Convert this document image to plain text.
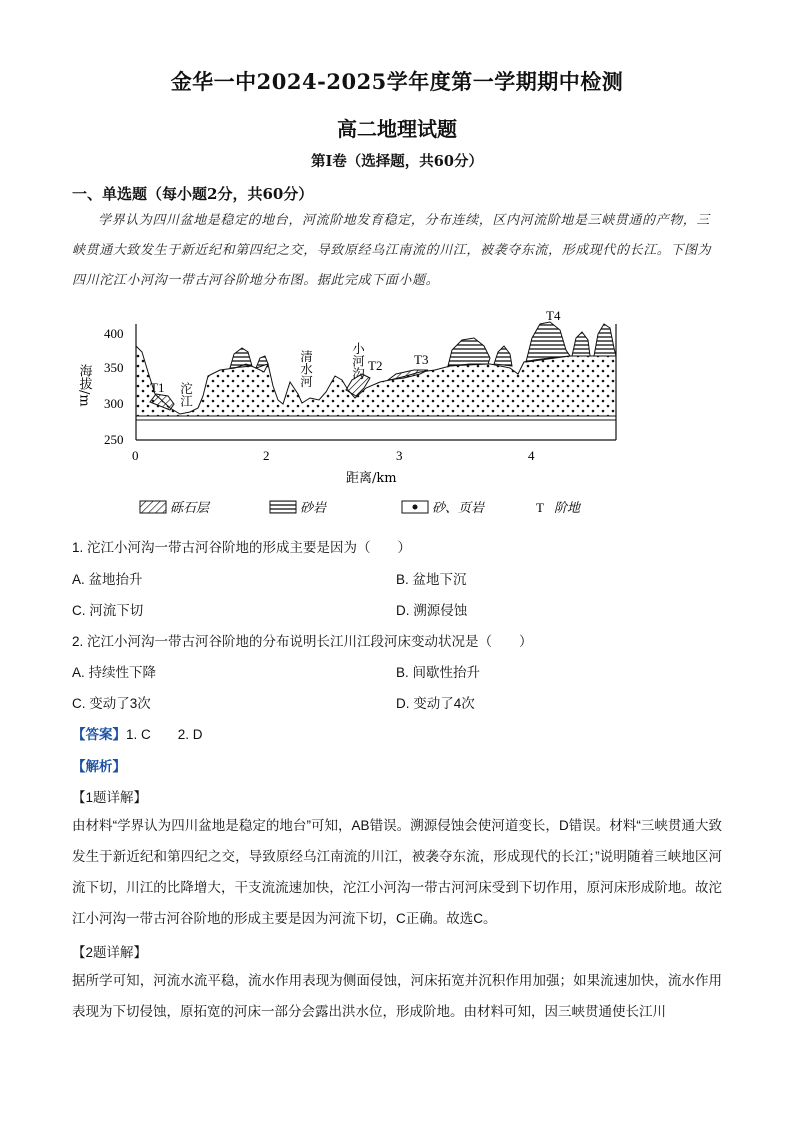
金华一中2024-2025学年度第一学期期中检测
高二地理试题
第Ⅰ卷（选择题，共60分）
一、单选题（每小题2分，共60分）
学界认为四川盆地是稳定的地台，河流阶地发育稳定，分布连续，区内河流阶地是三峡贯通的产物，三峡贯通大致发生于新近纪和第四纪之交，导致原经乌江南流的川江，被袭夺东流，形成现代的长江。下图为四川沱江小河沟一带古河谷阶地分布图。据此完成下面小题。
400
350
300
250
海拔/m
0	2	3	4
距离/km
T1
T2 T3
T4
沱江
清水河	小河沟
砾石层	砂岩	砂、页岩	T 阶地
1. 沱江小河沟一带古河谷阶地的形成主要是因为（　　）
A. 盆地抬升	B. 盆地下沉
C. 河流下切	D. 溯源侵蚀
2. 沱江小河沟一带古河谷阶地的分布说明长江川江段河床变动状况是（　　）
A. 持续性下降	B. 间歇性抬升
C. 变动了3次	D. 变动了4次
【答案】1. C　　2. D
【解析】
【1题详解】
由材料“学界认为四川盆地是稳定的地台”可知，AB错误。溯源侵蚀会使河道变长，D错误。材料“三峡贯通大致发生于新近纪和第四纪之交，导致原经乌江南流的川江，被袭夺东流，形成现代的长江；”说明随着三峡地区河流下切，川江的比降增大，干支流流速加快，沱江小河沟一带古河河床受到下切作用，原河床形成阶地。故沱江小河沟一带古河谷阶地的形成主要是因为河流下切，C正确。故选C。
【2题详解】
据所学可知，河流水流平稳，流水作用表现为侧面侵蚀，河床拓宽并沉积作用加强；如果流速加快，流水作用表现为下切侵蚀，原拓宽的河床一部分会露出洪水位，形成阶地。由材料可知，因三峡贯通使长江川
